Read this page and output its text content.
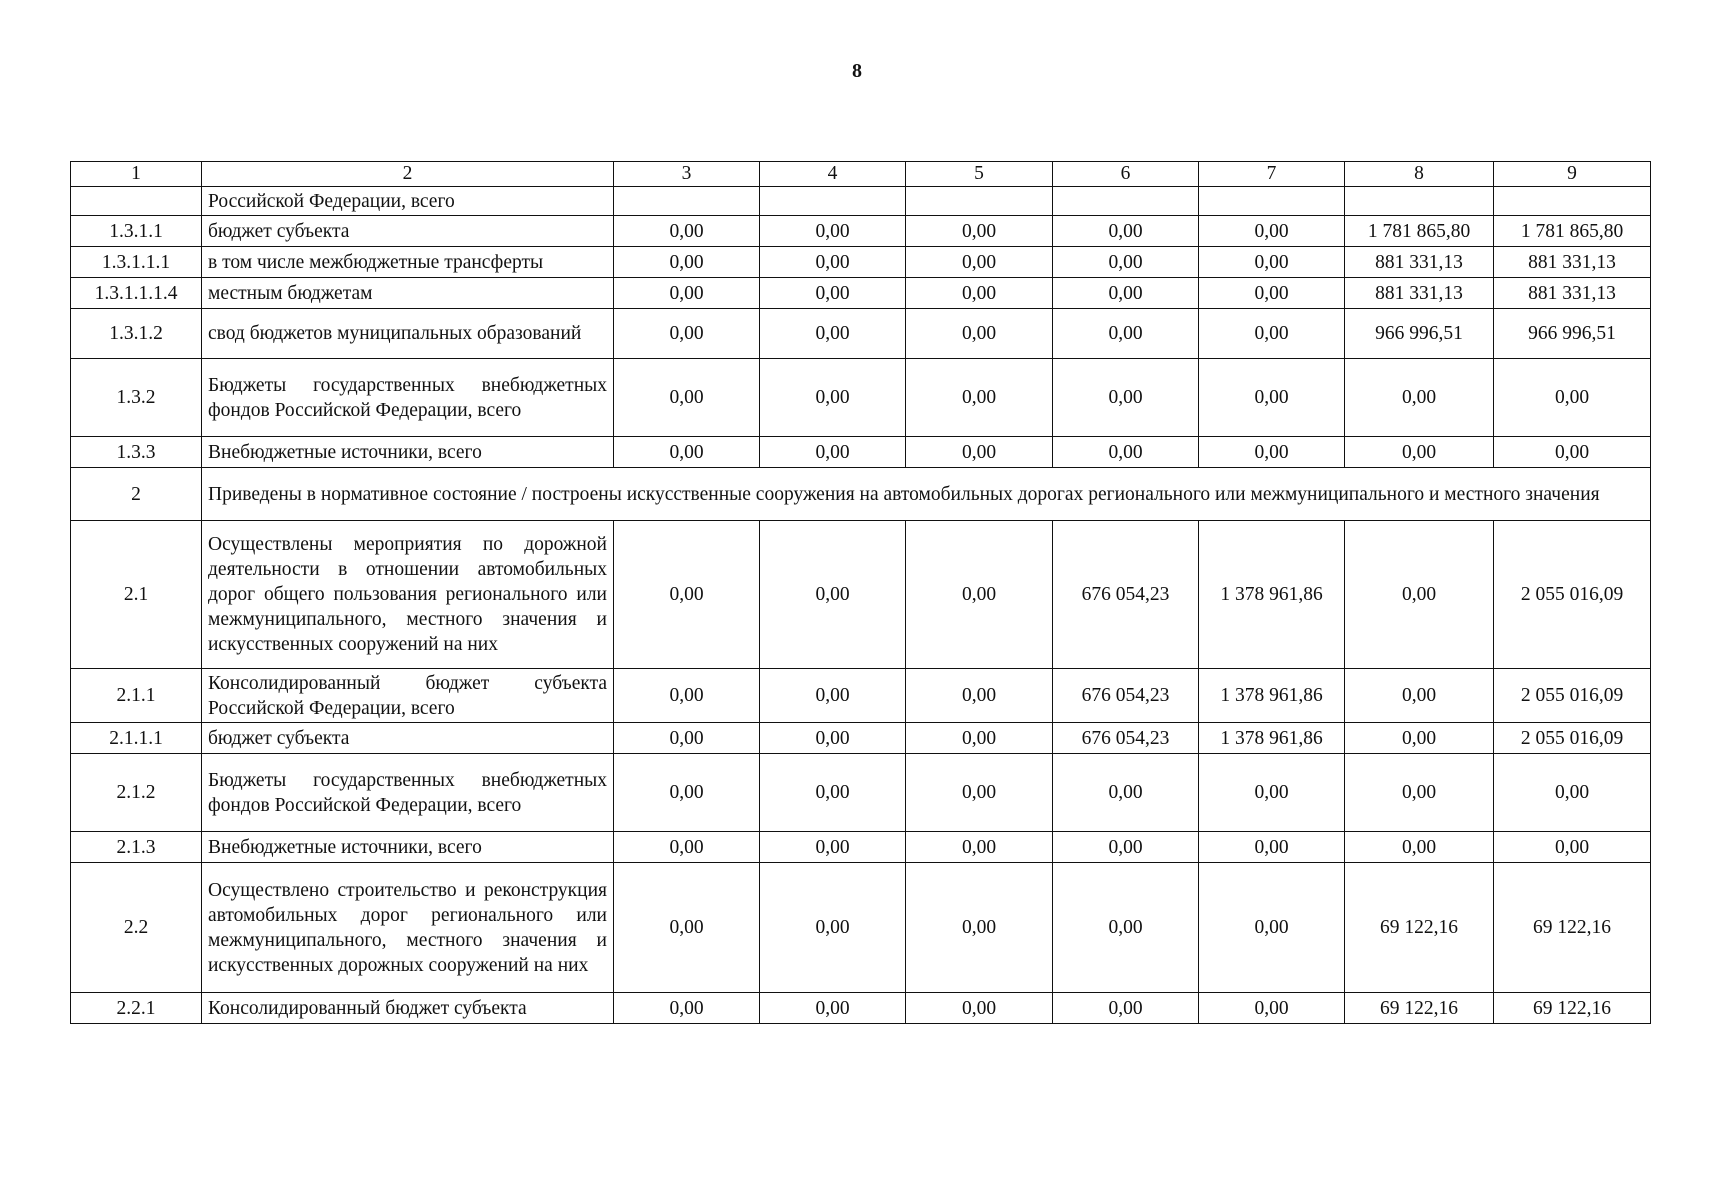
8
1	2	3	4	5	6	7	8	9
	Российской Федерации, всего							
1.3.1.1	бюджет субъекта	0,00	0,00	0,00	0,00	0,00	1 781 865,80	1 781 865,80
1.3.1.1.1	в том числе межбюджетные трансферты	0,00	0,00	0,00	0,00	0,00	881 331,13	881 331,13
1.3.1.1.1.4	местным бюджетам	0,00	0,00	0,00	0,00	0,00	881 331,13	881 331,13
1.3.1.2	свод бюджетов муниципальных образований	0,00	0,00	0,00	0,00	0,00	966 996,51	966 996,51
1.3.2	Бюджеты государственных внебюджетных фондов Российской Федерации, всего	0,00	0,00	0,00	0,00	0,00	0,00	0,00
1.3.3	Внебюджетные источники, всего	0,00	0,00	0,00	0,00	0,00	0,00	0,00
2	Приведены в нормативное состояние / построены искусственные сооружения на автомобильных дорогах регионального или межмуниципального и местного значения							
2.1	Осуществлены мероприятия по дорожной деятельности в отношении автомобильных дорог общего пользования регионального или межмуниципального, местного значения и искусственных сооружений на них	0,00	0,00	0,00	676 054,23	1 378 961,86	0,00	2 055 016,09
2.1.1	Консолидированный бюджет субъекта Российской Федерации, всего	0,00	0,00	0,00	676 054,23	1 378 961,86	0,00	2 055 016,09
2.1.1.1	бюджет субъекта	0,00	0,00	0,00	676 054,23	1 378 961,86	0,00	2 055 016,09
2.1.2	Бюджеты государственных внебюджетных фондов Российской Федерации, всего	0,00	0,00	0,00	0,00	0,00	0,00	0,00
2.1.3	Внебюджетные источники, всего	0,00	0,00	0,00	0,00	0,00	0,00	0,00
2.2	Осуществлено строительство и реконструкция автомобильных дорог регионального или межмуниципального, местного значения и искусственных дорожных сооружений на них	0,00	0,00	0,00	0,00	0,00	69 122,16	69 122,16
2.2.1	Консолидированный бюджет субъекта	0,00	0,00	0,00	0,00	0,00	69 122,16	69 122,16
